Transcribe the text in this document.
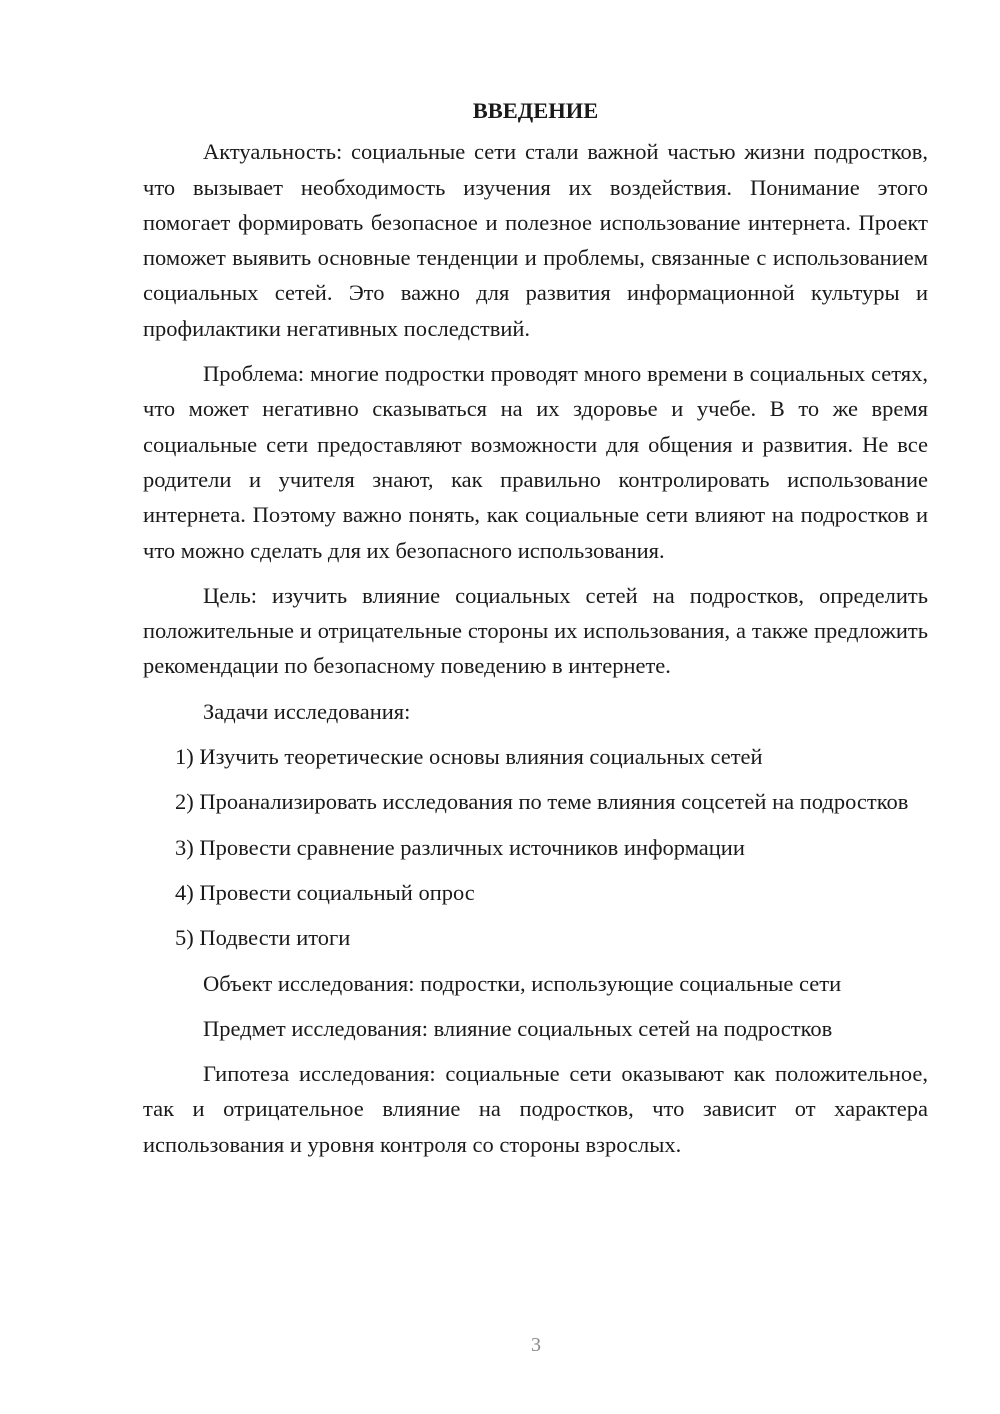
ВВЕДЕНИЕ

Актуальность: социальные сети стали важной частью жизни подростков, что вызывает необходимость изучения их воздействия. Понимание этого помогает формировать безопасное и полезное использование интернета. Проект поможет выявить основные тенденции и проблемы, связанные с использованием социальных сетей. Это важно для развития информационной культуры и профилактики негативных последствий.

Проблема: многие подростки проводят много времени в социальных сетях, что может негативно сказываться на их здоровье и учебе. В то же время социальные сети предоставляют возможности для общения и развития. Не все родители и учителя знают, как правильно контролировать использование интернета. Поэтому важно понять, как социальные сети влияют на подростков и что можно сделать для их безопасного использования.

Цель: изучить влияние социальных сетей на подростков, определить положительные и отрицательные стороны их использования, а также предложить рекомендации по безопасному поведению в интернете.

Задачи исследования:

1) Изучить теоретические основы влияния социальных сетей

2) Проанализировать исследования по теме влияния соцсетей на подростков

3) Провести сравнение различных источников информации

4) Провести социальный опрос

5) Подвести итоги

Объект исследования: подростки, использующие социальные сети

Предмет исследования: влияние социальных сетей на подростков

Гипотеза исследования: социальные сети оказывают как положительное, так и отрицательное влияние на подростков, что зависит от характера использования и уровня контроля со стороны взрослых.

3
